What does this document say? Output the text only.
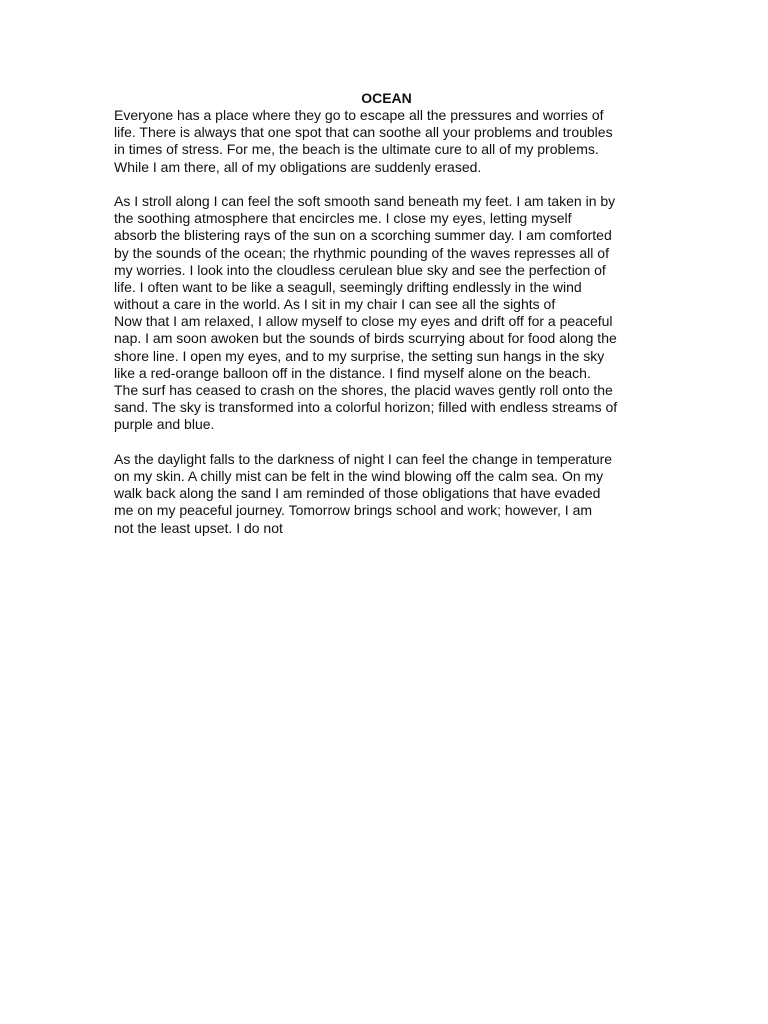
OCEAN
Everyone has a place where they go to escape all the pressures and worries of
life. There is always that one spot that can soothe all your problems and troubles
in times of stress. For me, the beach is the ultimate cure to all of my problems.
While I am there, all of my obligations are suddenly erased.
As I stroll along I can feel the soft smooth sand beneath my feet. I am taken in by
the soothing atmosphere that encircles me. I close my eyes, letting myself
absorb the blistering rays of the sun on a scorching summer day. I am comforted
by the sounds of the ocean; the rhythmic pounding of the waves represses all of
my worries. I look into the cloudless cerulean blue sky and see the perfection of
life. I often want to be like a seagull, seemingly drifting endlessly in the wind
without a care in the world. As I sit in my chair I can see all the sights of
Now that I am relaxed, I allow myself to close my eyes and drift off for a peaceful
nap. I am soon awoken but the sounds of birds scurrying about for food along the
shore line. I open my eyes, and to my surprise, the setting sun hangs in the sky
like a red-orange balloon off in the distance. I find myself alone on the beach.
The surf has ceased to crash on the shores, the placid waves gently roll onto the
sand. The sky is transformed into a colorful horizon; filled with endless streams of
purple and blue.
As the daylight falls to the darkness of night I can feel the change in temperature
on my skin. A chilly mist can be felt in the wind blowing off the calm sea. On my
walk back along the sand I am reminded of those obligations that have evaded
me on my peaceful journey. Tomorrow brings school and work; however, I am
not the least upset. I do not
